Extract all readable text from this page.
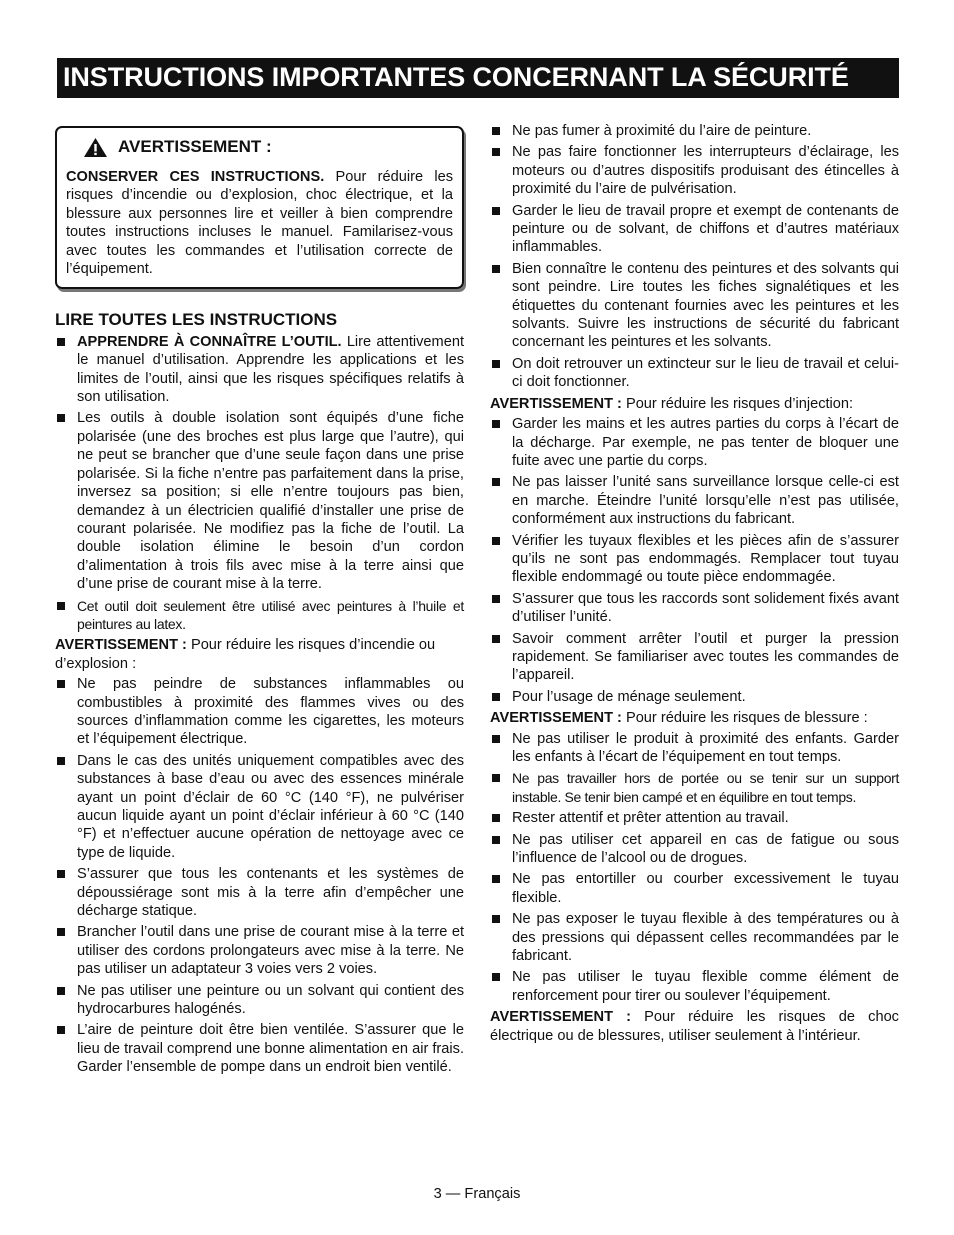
INSTRUCTIONS IMPORTANTES CONCERNANT LA SÉCURITÉ
AVERTISSEMENT :

CONSERVER CES INSTRUCTIONS. Pour réduire les risques d’incendie ou d’explosion, choc électrique, et la blessure aux personnes lire et veiller à bien comprendre toutes instructions incluses le manuel. Familarisez-vous avec toutes les commandes et l’utilisation correcte de l’équipement.

LIRE TOUTES LES INSTRUCTIONS
APPRENDRE À CONNAÎTRE L’OUTIL. Lire attentivement le manuel d’utilisation. Apprendre les applications et les limites de l’outil, ainsi que les risques spécifiques relatifs à son utilisation.
Les outils à double isolation sont équipés d’une fiche polarisée (une des broches est plus large que l’autre), qui ne peut se brancher que d’une seule façon dans une prise polarisée. Si la fiche n’entre pas parfaitement dans la prise, inversez sa position; si elle n’entre toujours pas bien, demandez à un électricien qualifié d’installer une prise de courant polarisée. Ne modifiez pas la fiche de l’outil. La double isolation élimine le besoin d’un cordon d’alimentation à trois fils avec mise à la terre ainsi que d’une prise de courant mise à la terre.
Cet outil doit seulement être utilisé avec peintures à l’huile et peintures au latex.
AVERTISSEMENT : Pour réduire les risques d’incendie ou d’explosion :
Ne pas peindre de substances inflammables ou combustibles à proximité des flammes vives ou des sources d’inflammation comme les cigarettes, les moteurs et l’équipement électrique.
Dans le cas des unités uniquement compatibles avec des substances à base d’eau ou avec des essences minérale ayant un point d’éclair de 60 °C (140 °F), ne pulvériser aucun liquide ayant un point d’éclair inférieur à 60 °C (140 °F) et n’effectuer aucune opération de nettoyage avec ce type de liquide.
S’assurer que tous les contenants et les systèmes de dépoussiérage sont mis à la terre afin d’empêcher une décharge statique.
Brancher l’outil dans une prise de courant mise à la terre et utiliser des cordons prolongateurs avec mise à la terre. Ne pas utiliser un adaptateur 3 voies vers 2 voies.
Ne pas utiliser une peinture ou un solvant qui contient des hydrocarbures halogénés.
L’aire de peinture doit être bien ventilée. S’assurer que le lieu de travail comprend une bonne alimentation en air frais. Garder l’ensemble de pompe dans un endroit bien ventilé.
Ne pas fumer à proximité du l’aire de peinture.
Ne pas faire fonctionner les interrupteurs d’éclairage, les moteurs ou d’autres dispositifs produisant des étincelles à proximité du l’aire de pulvérisation.
Garder le lieu de travail propre et exempt de contenants de peinture ou de solvant, de chiffons et d’autres matériaux inflammables.
Bien connaître le contenu des peintures et des solvants qui sont peindre. Lire toutes les fiches signalétiques et les étiquettes du contenant fournies avec les peintures et les solvants. Suivre les instructions de sécurité du fabricant concernant les peintures et les solvants.
On doit retrouver un extincteur sur le lieu de travail et celui-ci doit fonctionner.
AVERTISSEMENT : Pour réduire les risques d’injection:
Garder les mains et les autres parties du corps à l’écart de la décharge. Par exemple, ne pas tenter de bloquer une fuite avec une partie du corps.
Ne pas laisser l’unité sans surveillance lorsque celle-ci est en marche. Éteindre l’unité lorsqu’elle n’est pas utilisée, conformément aux instructions du fabricant.
Vérifier les tuyaux flexibles et les pièces afin de s’assurer qu’ils ne sont pas endommagés. Remplacer tout tuyau flexible endommagé ou toute pièce endommagée.
S’assurer que tous les raccords sont solidement fixés avant d’utiliser l’unité.
Savoir comment arrêter l’outil et purger la pression rapidement. Se familiariser avec toutes les commandes de l’appareil.
Pour l’usage de ménage seulement.
AVERTISSEMENT : Pour réduire les risques de blessure :
Ne pas utiliser le produit à proximité des enfants. Garder les enfants à l’écart de l’équipement en tout temps.
Ne pas travailler hors de portée ou se tenir sur un support instable. Se tenir bien campé et en équilibre en tout temps.
Rester attentif et prêter attention au travail.
Ne pas utiliser cet appareil en cas de fatigue ou sous l’influence de l’alcool ou de drogues.
Ne pas entortiller ou courber excessivement le tuyau flexible.
Ne pas exposer le tuyau flexible à des températures ou à des pressions qui dépassent celles recommandées par le fabricant.
Ne pas utiliser le tuyau flexible comme élément de renforcement pour tirer ou soulever l’équipement.
AVERTISSEMENT : Pour réduire les risques de choc électrique ou de blessures, utiliser seulement à l’intérieur.
3 — Français
